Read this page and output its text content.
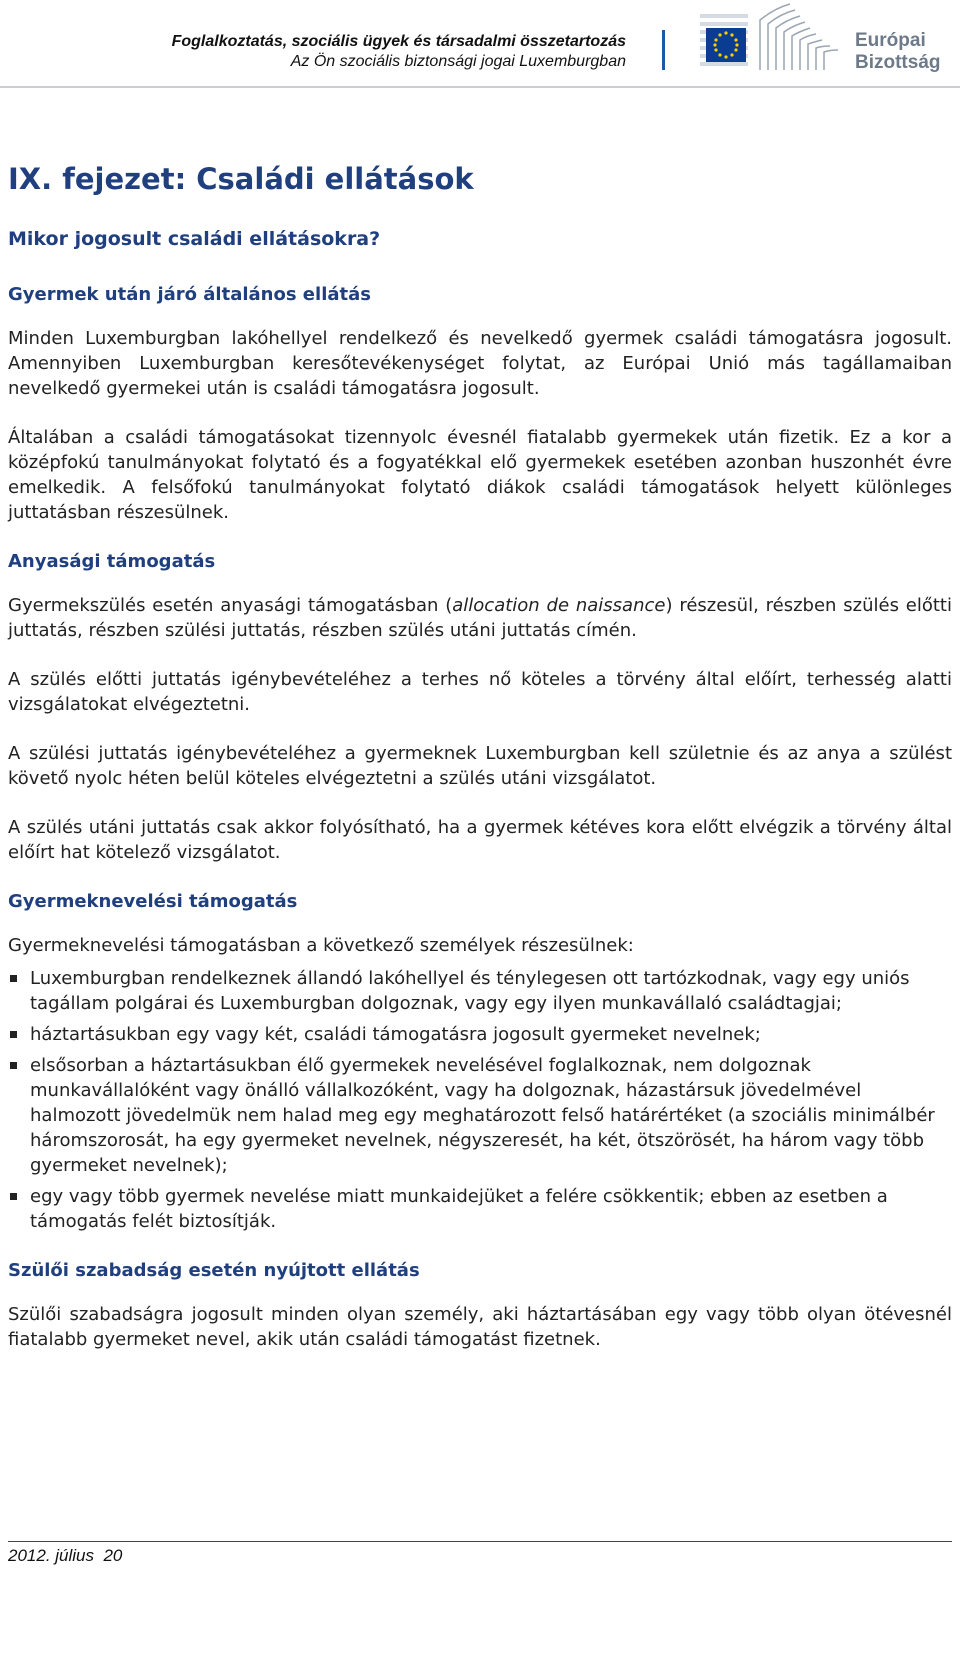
Foglalkoztatás, szociális ügyek és társadalmi összetartozás
Az Ön szociális biztonsági jogai Luxemburgban
Európai
Bizottság
IX. fejezet: Családi ellátások
Mikor jogosult családi ellátásokra?
Gyermek után járó általános ellátás

Minden Luxemburgban lakóhellyel rendelkező és nevelkedő gyermek családi támogatásra jogosult. Amennyiben Luxemburgban keresőtevékenységet folytat, az Európai Unió más tagállamaiban nevelkedő gyermekei után is családi támogatásra jogosult.

Általában a családi támogatásokat tizennyolc évesnél fiatalabb gyermekek után fizetik. Ez a kor a középfokú tanulmányokat folytató és a fogyatékkal elő gyermekek esetében azonban huszonhét évre emelkedik. A felsőfokú tanulmányokat folytató diákok családi támogatások helyett különleges juttatásban részesülnek.

Anyasági támogatás

Gyermekszülés esetén anyasági támogatásban (allocation de naissance) részesül, részben szülés előtti juttatás, részben szülési juttatás, részben szülés utáni juttatás címén.

A szülés előtti juttatás igénybevételéhez a terhes nő köteles a törvény által előírt, terhesség alatti vizsgálatokat elvégeztetni.

A szülési juttatás igénybevételéhez a gyermeknek Luxemburgban kell születnie és az anya a szülést követő nyolc héten belül köteles elvégeztetni a szülés utáni vizsgálatot.

A szülés utáni juttatás csak akkor folyósítható, ha a gyermek kétéves kora előtt elvégzik a törvény által előírt hat kötelező vizsgálatot.

Gyermeknevelési támogatás

Gyermeknevelési támogatásban a következő személyek részesülnek:

Luxemburgban rendelkeznek állandó lakóhellyel és ténylegesen ott tartózkodnak, vagy egy uniós tagállam polgárai és Luxemburgban dolgoznak, vagy egy ilyen munkavállaló családtagjai;
háztartásukban egy vagy két, családi támogatásra jogosult gyermeket nevelnek;
elsősorban a háztartásukban élő gyermekek nevelésével foglalkoznak, nem dolgoznak munkavállalóként vagy önálló vállalkozóként, vagy ha dolgoznak, házastársuk jövedelmével halmozott jövedelmük nem halad meg egy meghatározott felső határértéket (a szociális minimálbér háromszorosát, ha egy gyermeket nevelnek, négyszeresét, ha két, ötszörösét, ha három vagy több gyermeket nevelnek);
egy vagy több gyermek nevelése miatt munkaidejüket a felére csökkentik; ebben az esetben a támogatás felét biztosítják.
Szülői szabadság esetén nyújtott ellátás

Szülői szabadságra jogosult minden olyan személy, aki háztartásában egy vagy több olyan ötévesnél fiatalabb gyermeket nevel, akik után családi támogatást fizetnek.

2012. július  20
